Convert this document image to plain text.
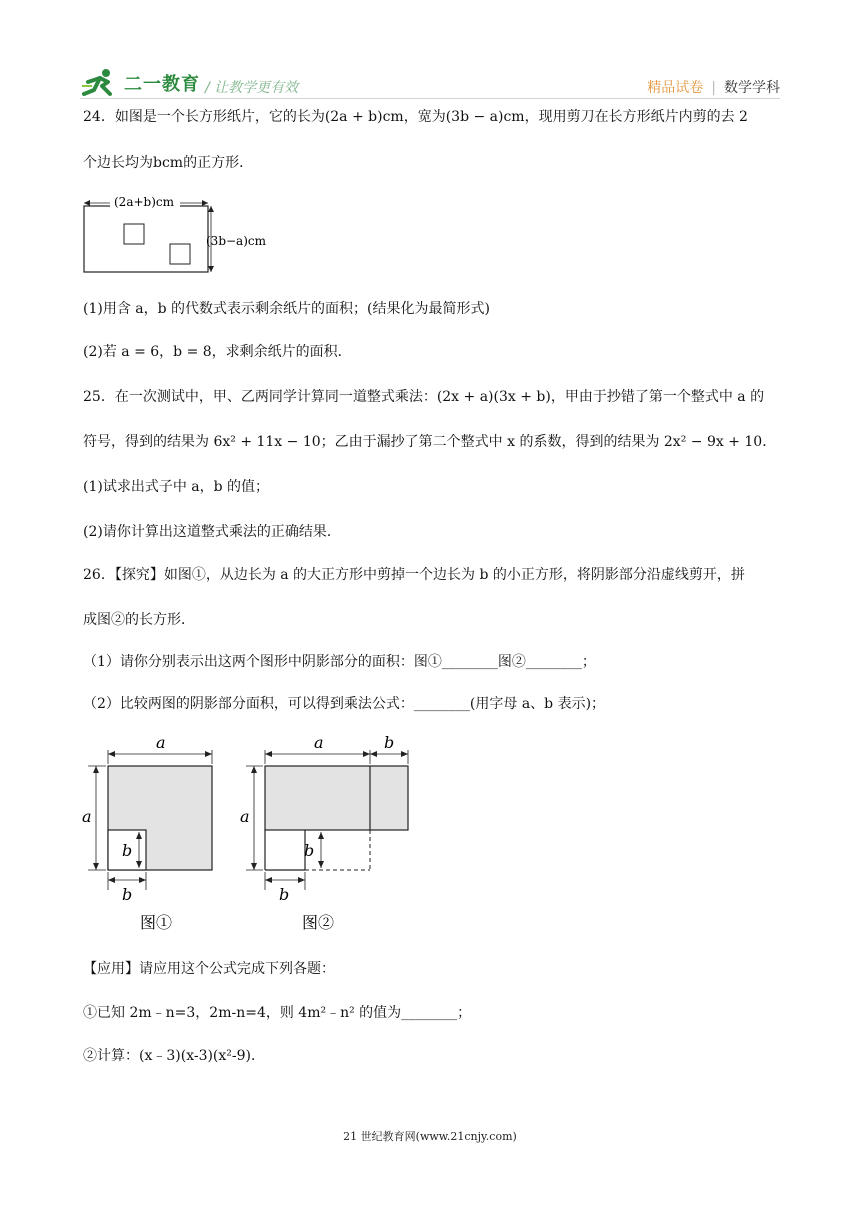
二一教育 / 让教学更有效	精品试卷 | 数学学科
24．如图是一个长方形纸片，它的长为(2a + b)cm，宽为(3b − a)cm，现用剪刀在长方形纸片内剪的去 2
个边长均为bcm的正方形．
(2a+b)cm
(3b−a)cm
(1)用含 a，b 的代数式表示剩余纸片的面积；(结果化为最简形式)
(2)若 a = 6，b = 8，求剩余纸片的面积．
25．在一次测试中，甲、乙两同学计算同一道整式乘法：(2x + a)(3x + b)，甲由于抄错了第一个整式中 a 的
符号，得到的结果为 6x² + 11x − 10；乙由于漏抄了第二个整式中 x 的系数，得到的结果为 2x² − 9x + 10．
(1)试求出式子中 a，b 的值；
(2)请你计算出这道整式乘法的正确结果．
26．【探究】如图①，从边长为 a 的大正方形中剪掉一个边长为 b 的小正方形，将阴影部分沿虚线剪开，拼
成图②的长方形．
（1）请你分别表示出这两个图形中阴影部分的面积：图①________图②________；
（2）比较两图的阴影部分面积，可以得到乘法公式：________(用字母 a、b 表示)；
a
a
b
b
图①
a	b
a
b
b
图②
【应用】请应用这个公式完成下列各题：
①已知 2m﹣n=3，2m-n=4，则 4m²﹣n² 的值为________；
②计算：(x﹣3)(x-3)(x²-9)．
21 世纪教育网(www.21cnjy.com)
